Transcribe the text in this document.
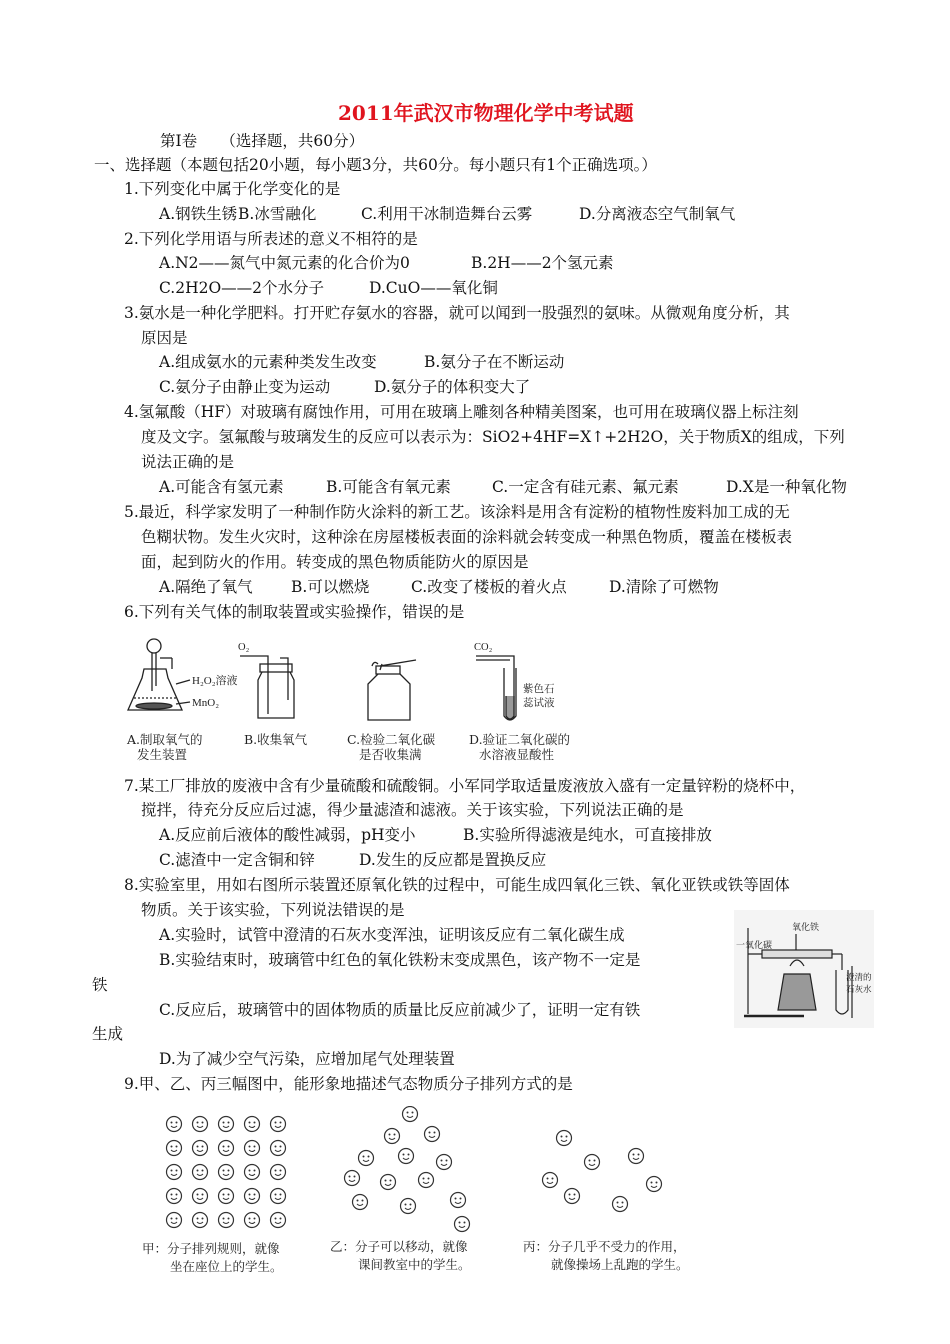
2011年武汉市物理化学中考试题
第Ⅰ卷　　（选择题，共60分）
一、选择题（本题包括20小题，每小题3分，共60分。每小题只有1个正确选项。）
1.下列变化中属于化学变化的是
A.钢铁生锈 B.冰雪融化	C.利用干冰制造舞台云雾	D.分离液态空气制氧气
2.下列化学用语与所表述的意义不相符的是
A.N2——氮气中氮元素的化合价为0	B.2H——2个氢元素
C.2H2O——2个水分子	D.CuO——氧化铜
3.氨水是一种化学肥料。打开贮存氨水的容器，就可以闻到一股强烈的氨味。从微观角度分析，其
原因是
A.组成氨水的元素种类发生改变	B.氨分子在不断运动
C.氨分子由静止变为运动	D.氨分子的体积变大了
4.氢氟酸（HF）对玻璃有腐蚀作用，可用在玻璃上雕刻各种精美图案，也可用在玻璃仪器上标注刻
度及文字。氢氟酸与玻璃发生的反应可以表示为：SiO2+4HF=X↑+2H2O，关于物质X的组成，下列
说法正确的是
A.可能含有氢元素	B.可能含有氧元素	C.一定含有硅元素、氟元素	D.X是一种氧化物
5.最近，科学家发明了一种制作防火涂料的新工艺。该涂料是用含有淀粉的植物性废料加工成的无
色糊状物。发生火灾时，这种涂在房屋楼板表面的涂料就会转变成一种黑色物质，覆盖在楼板表
面，起到防火的作用。转变成的黑色物质能防火的原因是
A.隔绝了氧气 B.可以燃烧	C.改变了楼板的着火点	D.清除了可燃物
6.下列有关气体的制取装置或实验操作，错误的是
H₂O₂溶液
MnO₂
O₂	CO₂
紫色石
蕊试液
A.制取氧气的
发生装置
B.收集氧气	C.检验二氧化碳
是否收集满
D.验证二氧化碳的
水溶液显酸性
7.某工厂排放的废液中含有少量硫酸和硫酸铜。小军同学取适量废液放入盛有一定量锌粉的烧杯中，
搅拌，待充分反应后过滤，得少量滤渣和滤液。关于该实验，下列说法正确的是
A.反应前后液体的酸性减弱，pH变小	B.实验所得滤液是纯水，可直接排放
C.滤渣中一定含铜和锌	D.发生的反应都是置换反应
8.实验室里，用如右图所示装置还原氧化铁的过程中，可能生成四氧化三铁、氧化亚铁或铁等固体
物质。关于该实验，下列说法错误的是
A.实验时，试管中澄清的石灰水变浑浊，证明该反应有二氧化碳生成
B.实验结束时，玻璃管中红色的氧化铁粉末变成黑色，该产物不一定是
铁
C.反应后，玻璃管中的固体物质的质量比反应前减少了，证明一定有铁
生成
D.为了减少空气污染，应增加尾气处理装置
一氧化碳
氧化铁
澄清的
石灰水
9.甲、乙、丙三幅图中，能形象地描述气态物质分子排列方式的是
甲：分子排列规则，就像
坐在座位上的学生。
乙：分子可以移动，就像
课间教室中的学生。
丙：分子几乎不受力的作用，
就像操场上乱跑的学生。
